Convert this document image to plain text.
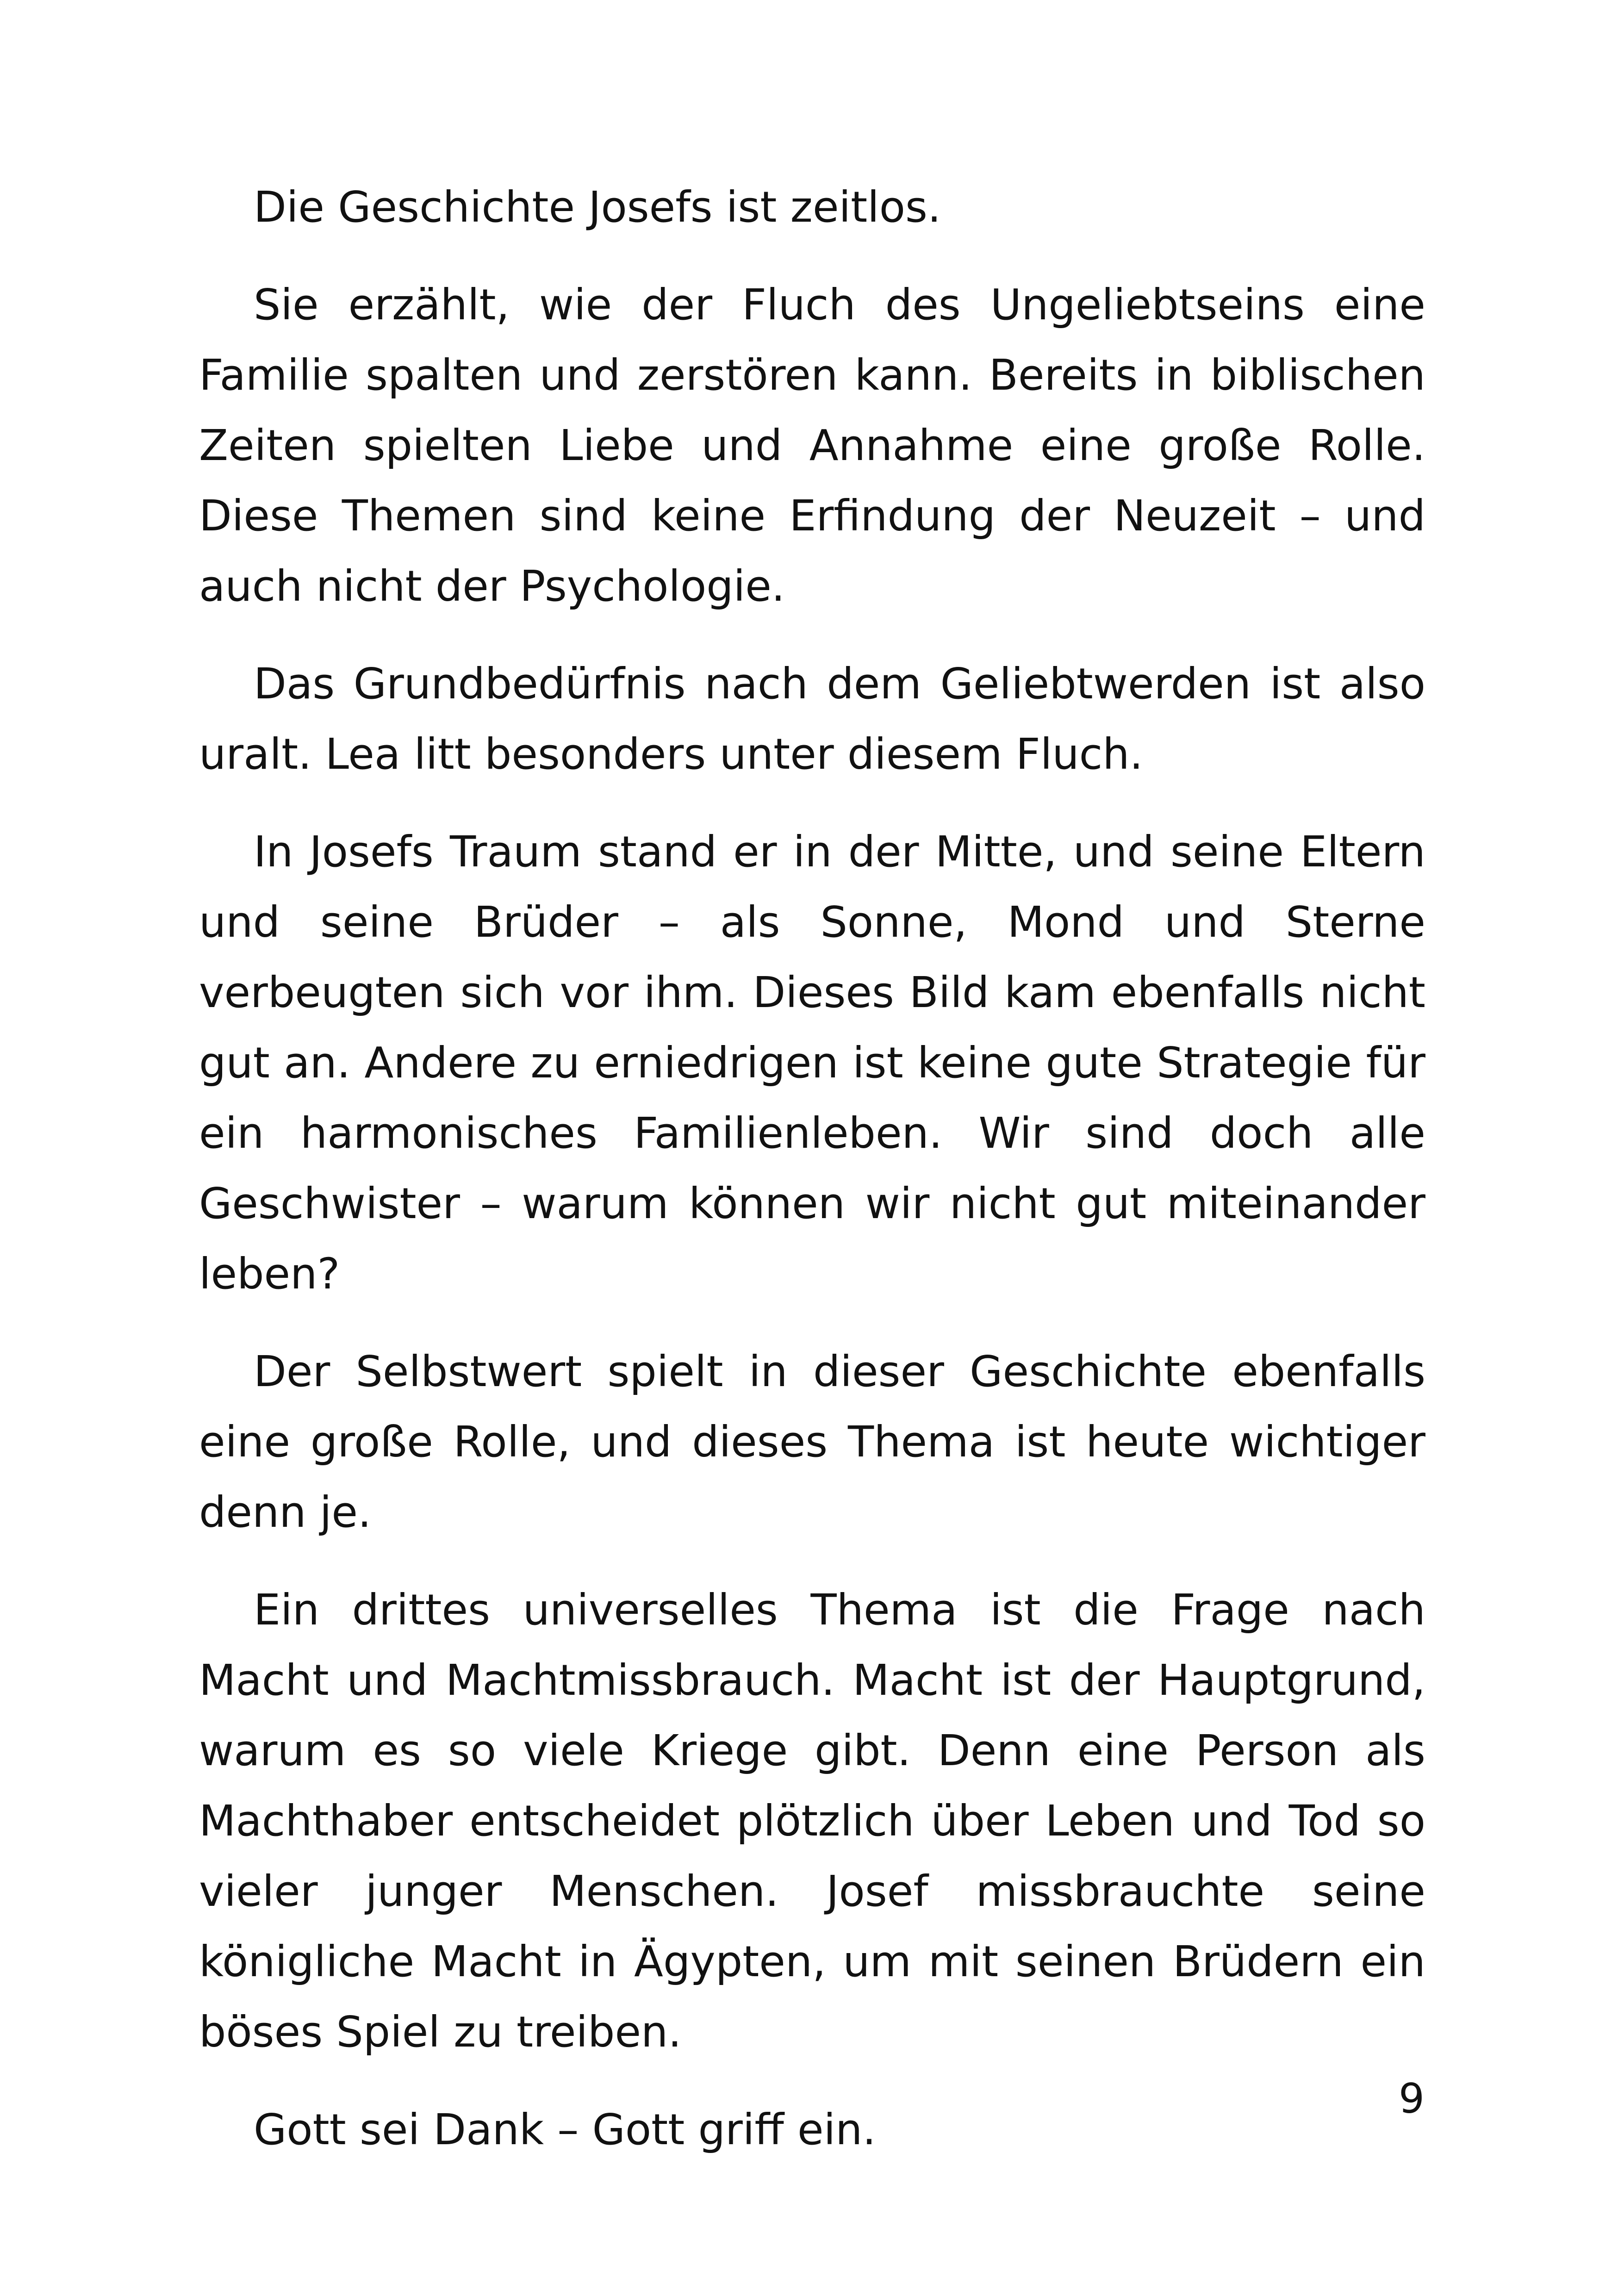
Die Geschichte Josefs ist zeitlos.

Sie erzählt, wie der Fluch des Ungeliebtseins eine Familie spalten und zerstören kann. Bereits in biblischen Zeiten spielten Liebe und Annahme eine große Rolle. Diese Themen sind keine Erfindung der Neuzeit – und auch nicht der Psychologie.

Das Grundbedürfnis nach dem Geliebtwerden ist also uralt. Lea litt besonders unter diesem Fluch.

In Josefs Traum stand er in der Mitte, und seine Eltern und seine Brüder – als Sonne, Mond und Sterne verbeugten sich vor ihm. Dieses Bild kam ebenfalls nicht gut an. Andere zu erniedrigen ist keine gute Strategie für ein harmonisches Familienleben. Wir sind doch alle Geschwister – warum können wir nicht gut miteinander leben?

Der Selbstwert spielt in dieser Geschichte ebenfalls eine große Rolle, und dieses Thema ist heute wichtiger denn je.

Ein drittes universelles Thema ist die Frage nach Macht und Machtmissbrauch. Macht ist der Hauptgrund, warum es so viele Kriege gibt. Denn eine Person als Machthaber entscheidet plötzlich über Leben und Tod so vieler junger Menschen. Josef missbrauchte seine königliche Macht in Ägypten, um mit seinen Brüdern ein böses Spiel zu treiben.

Gott sei Dank – Gott griff ein.

9
